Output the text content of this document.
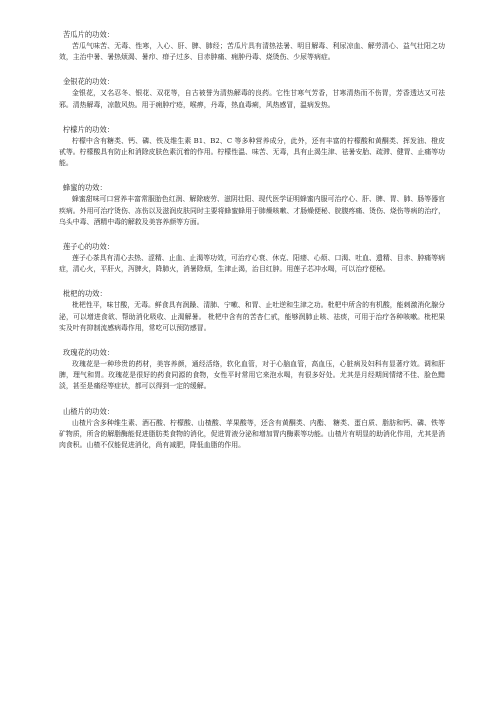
苦瓜片的功效：

苦瓜气味苦、无毒、性寒，入心、肝、脾、肺经；苦瓜片具有清热祛暑、明目解毒、利尿凉血、解劳清心、益气壮阳之功效，主治中暑、暑热烦渴、暑疖、痱子过多、目赤肿痛、痈肿丹毒、烧烫伤、少尿等病症。

金银花的功效：

金银花，又名忍冬、银花、双花等，自古被誉为清热解毒的良药。它性甘寒气芳香，甘寒清热而不伤胃，芳香透达又可祛邪。清热解毒，凉散风热。用于痈肿疔疮，喉痹，丹毒，热血毒痢，风热感冒，温病发热。

柠檬片的功效：

柠檬中含有糖类、钙、磷、铁及维生素 B1、B2、C 等多种营养成分，此外，还有丰富的柠檬酸和黄酮类、挥发油、橙皮甙等。柠檬酸具有防止和消除皮肤色素沉着的作用。柠檬性温、味苦、无毒，具有止渴生津、祛暑安胎、疏滞、健胃、止痛等功能。

蜂蜜的功效：

蜂蜜甜味可口营养丰富常服胎色红润、解除疲劳、滋阴壮阳、现代医学证明蜂蜜内服可治疗心、肝、脾、胃、肺、肠等器官疾病。外用可治疗烫伤、冻伤以及滋润皮肤同时主要将蜂蜜蜂用于肺燥咳嗽、才肠燥便秘、脘腹疼痛、烫伤、烧伤等病的治疗，乌头中毒、酒精中毒的解救及美容养颜等方面。

莲子心的功效：

莲子心茶具有清心去热、涩精、止血、止渴等功效，可治疗心衰、休克、阳痿、心烦、口渴、吐血、遗精、目赤、肿痛等病症，清心火，平肝火，泻脾火，降肺火，消暑除烦，生津止渴，治目红肿。用莲子芯冲水喝，可以治疗便秘。

枇杷的功效：

枇杷性平，味甘酸，无毒。鲜食具有润躁、清肺、宁嗽、和胃、止吐逆和生津之功。枇杷中所含的有机酸，能刺激消化腺分泌，可以增进食欲、帮助消化吸收、止渴解暑。 枇杷中含有的苦杏仁甙，能够润肺止咳、祛痰，可用于治疗各种咳嗽。枇杷果实及叶有抑制流感病毒作用，常吃可以预防感冒。

玫瑰花的功效：

玫瑰花是一种珍贵的药材，美容养颜，通经活络，软化血管，对于心脑血管，高血压，心脏病及妇科有显著疗效。调和肝脾，理气和胃。玫瑰花是很好的药食同源的食物，女性平时常用它来泡水喝，有很多好处。尤其是月经期间情绪不佳、脸色黯淡，甚至是痛经等症状，都可以得到一定的缓解。

山楂片的功效：

山楂片含多种维生素、酒石酸、柠檬酸、山楂酸、苹果酸等，还含有黄酮类、内酯、 糖类、蛋白质、脂肪和钙、磷、铁等矿物质，所含的解脂酶能促进脂肪类食物的消化，促进胃液分泌和增加胃内酶素等功能。山楂片有明显的助消化作用，尤其是消肉食积。山楂不仅能促进消化，尚有减肥，降低血脂的作用。
